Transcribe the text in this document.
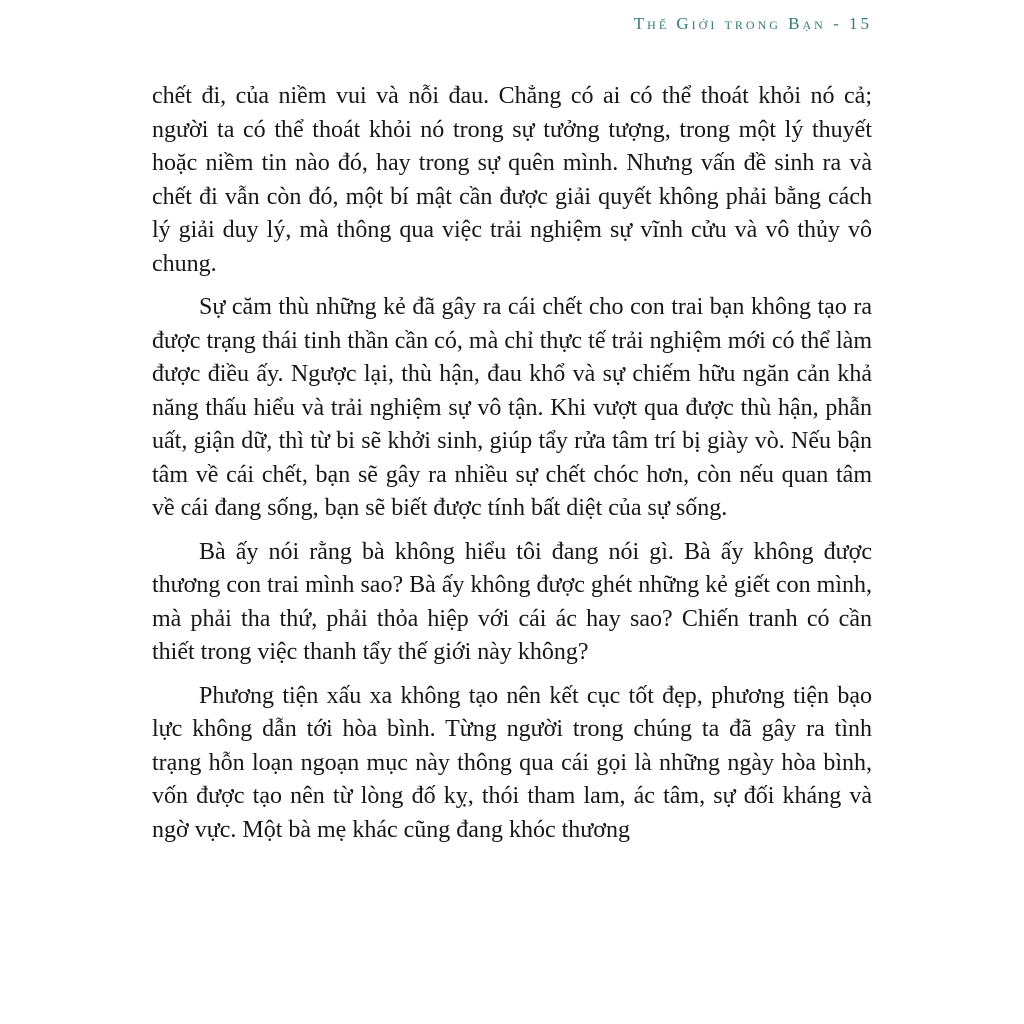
Thế Giới trong Bạn - 15

chết đi, của niềm vui và nỗi đau. Chẳng có ai có thể thoát khỏi nó cả; người ta có thể thoát khỏi nó trong sự tưởng tượng, trong một lý thuyết hoặc niềm tin nào đó, hay trong sự quên mình. Nhưng vấn đề sinh ra và chết đi vẫn còn đó, một bí mật cần được giải quyết không phải bằng cách lý giải duy lý, mà thông qua việc trải nghiệm sự vĩnh cửu và vô thủy vô chung.

Sự căm thù những kẻ đã gây ra cái chết cho con trai bạn không tạo ra được trạng thái tinh thần cần có, mà chỉ thực tế trải nghiệm mới có thể làm được điều ấy. Ngược lại, thù hận, đau khổ và sự chiếm hữu ngăn cản khả năng thấu hiểu và trải nghiệm sự vô tận. Khi vượt qua được thù hận, phẫn uất, giận dữ, thì từ bi sẽ khởi sinh, giúp tẩy rửa tâm trí bị giày vò. Nếu bận tâm về cái chết, bạn sẽ gây ra nhiều sự chết chóc hơn, còn nếu quan tâm về cái đang sống, bạn sẽ biết được tính bất diệt của sự sống.

Bà ấy nói rằng bà không hiểu tôi đang nói gì. Bà ấy không được thương con trai mình sao? Bà ấy không được ghét những kẻ giết con mình, mà phải tha thứ, phải thỏa hiệp với cái ác hay sao? Chiến tranh có cần thiết trong việc thanh tẩy thế giới này không?

Phương tiện xấu xa không tạo nên kết cục tốt đẹp, phương tiện bạo lực không dẫn tới hòa bình. Từng người trong chúng ta đã gây ra tình trạng hỗn loạn ngoạn mục này thông qua cái gọi là những ngày hòa bình, vốn được tạo nên từ lòng đố kỵ, thói tham lam, ác tâm, sự đối kháng và ngờ vực. Một bà mẹ khác cũng đang khóc thương
